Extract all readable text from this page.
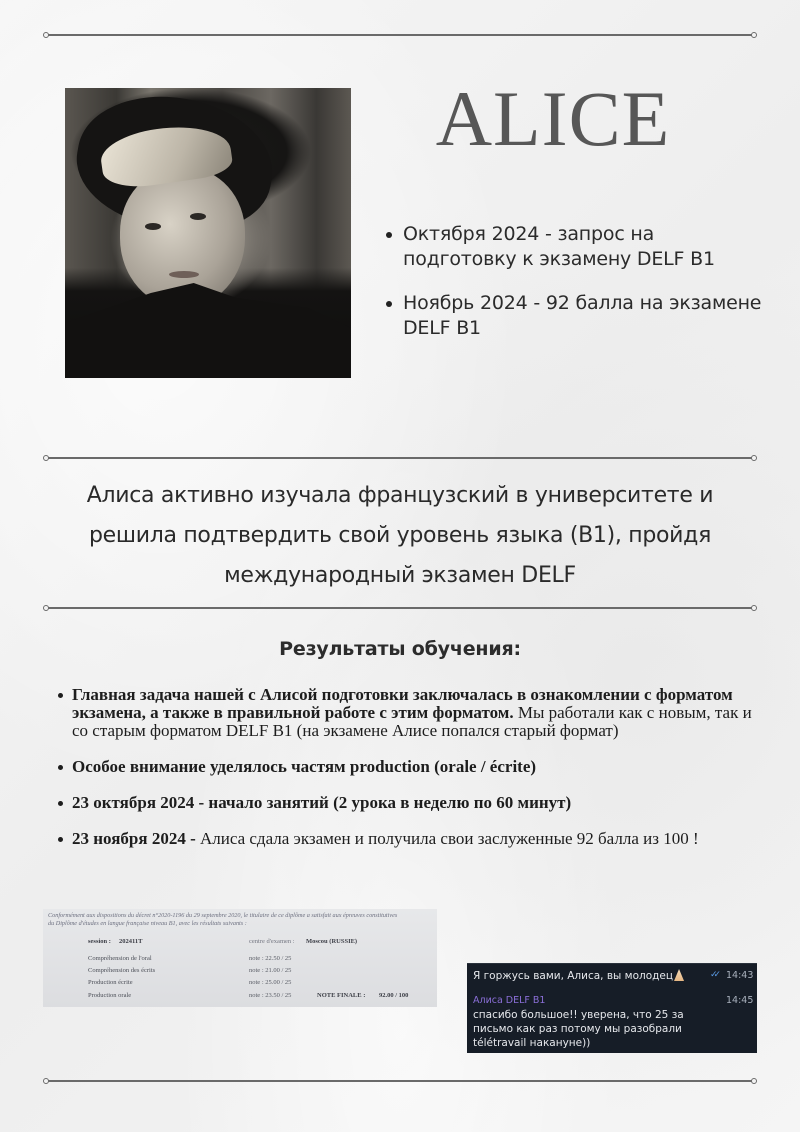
ALICE
Октября 2024 - запрос на подготовку к экзамену DELF B1
Ноябрь 2024 - 92 балла на экзамене DELF B1

Алиса активно изучала французский в университете и решила подтвердить свой уровень языка (B1), пройдя международный экзамен DELF

Результаты обучения:
Главная задача нашей с Алисой подготовки заключалась в ознакомлении с форматом экзамена, а также в правильной работе с этим форматом. Мы работали как с новым, так и со старым форматом DELF B1 (на экзамене Алисе попался старый формат)
Особое внимание уделялось частям production (orale / écrite)
23 октября 2024 - начало занятий (2 урока в неделю по 60 минут)
23 ноября 2024 - Алиса сдала экзамен и получила свои заслуженные 92 балла из 100 !
Conformément aux dispositions du décret n°2020-1196 du 29 septembre 2020, le titulaire de ce diplôme a satisfait aux épreuves constitutives
du Diplôme d'études en langue française niveau B1, avec les résultats suivants :
session : 202411T	centre d'examen : Moscou (RUSSIE)
Compréhension de l'oral	note : 22.50 / 25
Compréhension des écrits	note : 21.00 / 25
Production écrite	note : 25.00 / 25
Production orale	note : 23.50 / 25	NOTE FINALE : 92.00 / 100
Я горжусь вами, Алиса, вы молодец	✓✓ 14:43
Алиса DELF B1	14:45
спасибо большое!! уверена, что 25 за письмо как раз потому мы разобрали télétravail накануне))
